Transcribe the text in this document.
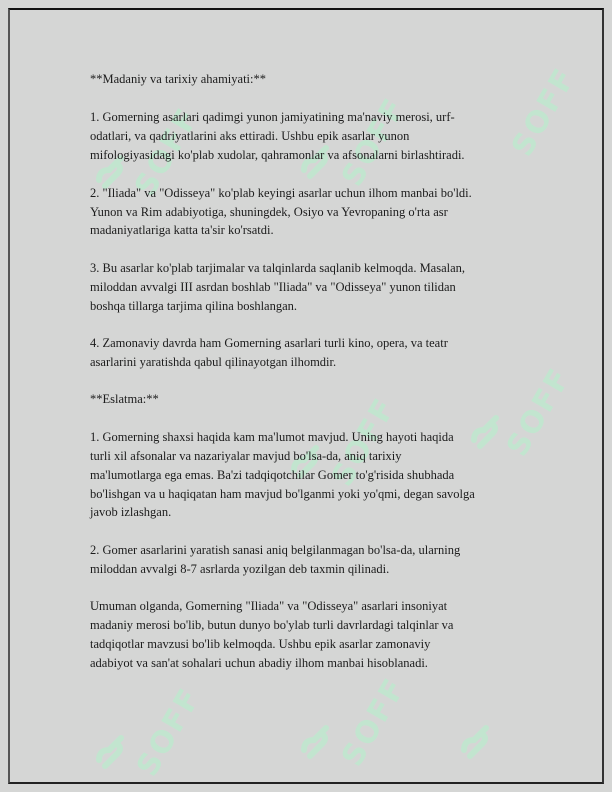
SOFF	SOFF	SOFF
SOFF	SOFF
SOFF	SOFF
**Madaniy va tarixiy ahamiyati:**
1. Gomerning asarlari qadimgi yunon jamiyatining ma'naviy merosi, urf-
odatlari, va qadriyatlarini aks ettiradi. Ushbu epik asarlar yunon
mifologiyasidagi ko'plab xudolar, qahramonlar va afsonalarni birlashtiradi.
2. "Iliada" va "Odisseya" ko'plab keyingi asarlar uchun ilhom manbai bo'ldi.
Yunon va Rim adabiyotiga, shuningdek, Osiyo va Yevropaning o'rta asr
madaniyatlariga katta ta'sir ko'rsatdi.
3. Bu asarlar ko'plab tarjimalar va talqinlarda saqlanib kelmoqda. Masalan,
miloddan avvalgi III asrdan boshlab "Iliada" va "Odisseya" yunon tilidan
boshqa tillarga tarjima qilina boshlangan.
4. Zamonaviy davrda ham Gomerning asarlari turli kino, opera, va teatr
asarlarini yaratishda qabul qilinayotgan ilhomdir.
**Eslatma:**
1. Gomerning shaxsi haqida kam ma'lumot mavjud. Uning hayoti haqida
turli xil afsonalar va nazariyalar mavjud bo'lsa-da, aniq tarixiy
ma'lumotlarga ega emas. Ba'zi tadqiqotchilar Gomer to'g'risida shubhada
bo'lishgan va u haqiqatan ham mavjud bo'lganmi yoki yo'qmi, degan savolga
javob izlashgan.
2. Gomer asarlarini yaratish sanasi aniq belgilanmagan bo'lsa-da, ularning
miloddan avvalgi 8-7 asrlarda yozilgan deb taxmin qilinadi.
Umuman olganda, Gomerning "Iliada" va "Odisseya" asarlari insoniyat
madaniy merosi bo'lib, butun dunyo bo'ylab turli davrlardagi talqinlar va
tadqiqotlar mavzusi bo'lib kelmoqda. Ushbu epik asarlar zamonaviy
adabiyot va san'at sohalari uchun abadiy ilhom manbai hisoblanadi.
